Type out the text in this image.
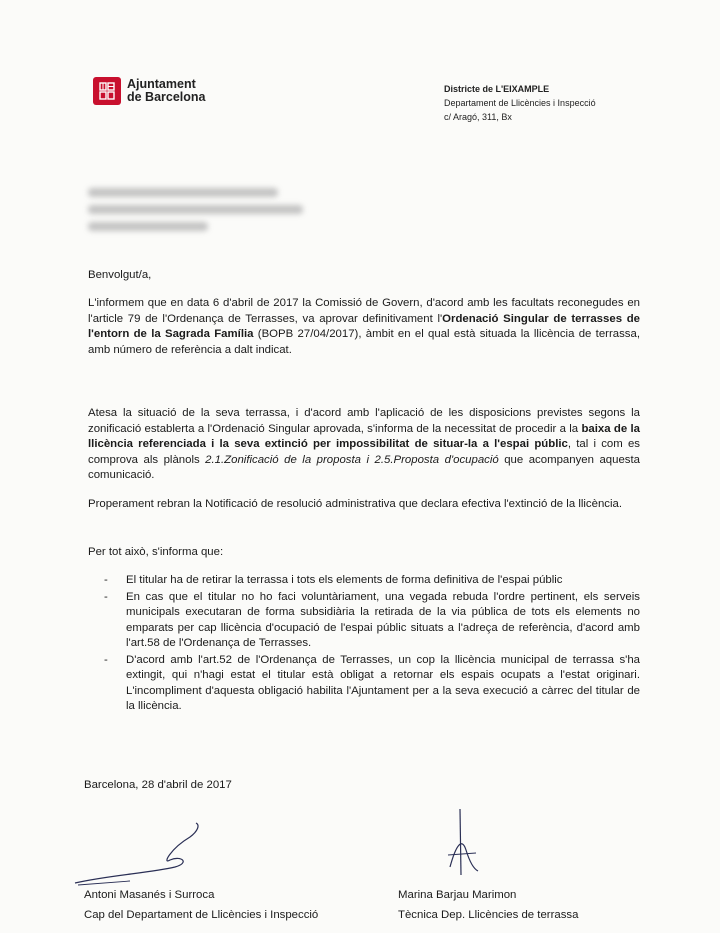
Ajuntament
de Barcelona
Districte de L'EIXAMPLE
Departament de Llicències i Inspecció
c/ Aragó, 311, Bx
Benvolgut/a,
L'informem que en data 6 d'abril de 2017 la Comissió de Govern, d'acord amb les facultats reconegudes en l'article 79 de l'Ordenança de Terrasses, va aprovar definitivament l'Ordenació Singular de terrasses de l'entorn de la Sagrada Família (BOPB 27/04/2017), àmbit en el qual està situada la llicència de terrassa, amb número de referència a dalt indicat.
Atesa la situació de la seva terrassa, i d'acord amb l'aplicació de les disposicions previstes segons la zonificació establerta a l'Ordenació Singular aprovada, s'informa de la necessitat de procedir a la baixa de la llicència referenciada i la seva extinció per impossibilitat de situar-la a l'espai públic, tal i com es comprova als plànols 2.1.Zonificació de la proposta i 2.5.Proposta d'ocupació que acompanyen aquesta comunicació.
Properament rebran la Notificació de resolució administrativa que declara efectiva l'extinció de la llicència.
Per tot això, s'informa que:
- El titular ha de retirar la terrassa i tots els elements de forma definitiva de l'espai públic
- En cas que el titular no ho faci voluntàriament, una vegada rebuda l'ordre pertinent, els serveis municipals executaran de forma subsidiària la retirada de la via pública de tots els elements no emparats per cap llicència d'ocupació de l'espai públic situats a l'adreça de referència, d'acord amb l'art.58 de l'Ordenança de Terrasses.
- D'acord amb l'art.52 de l'Ordenança de Terrasses, un cop la llicència municipal de terrassa s'ha extingit, qui n'hagi estat el titular està obligat a retornar els espais ocupats a l'estat originari. L'incompliment d'aquesta obligació habilita l'Ajuntament per a la seva execució a càrrec del titular de la llicència.
Barcelona, 28 d'abril de 2017
Antoni Masanés i Surroca
Cap del Departament de Llicències i Inspecció
Marina Barjau Marimon
Tècnica Dep. Llicències de terrassa
